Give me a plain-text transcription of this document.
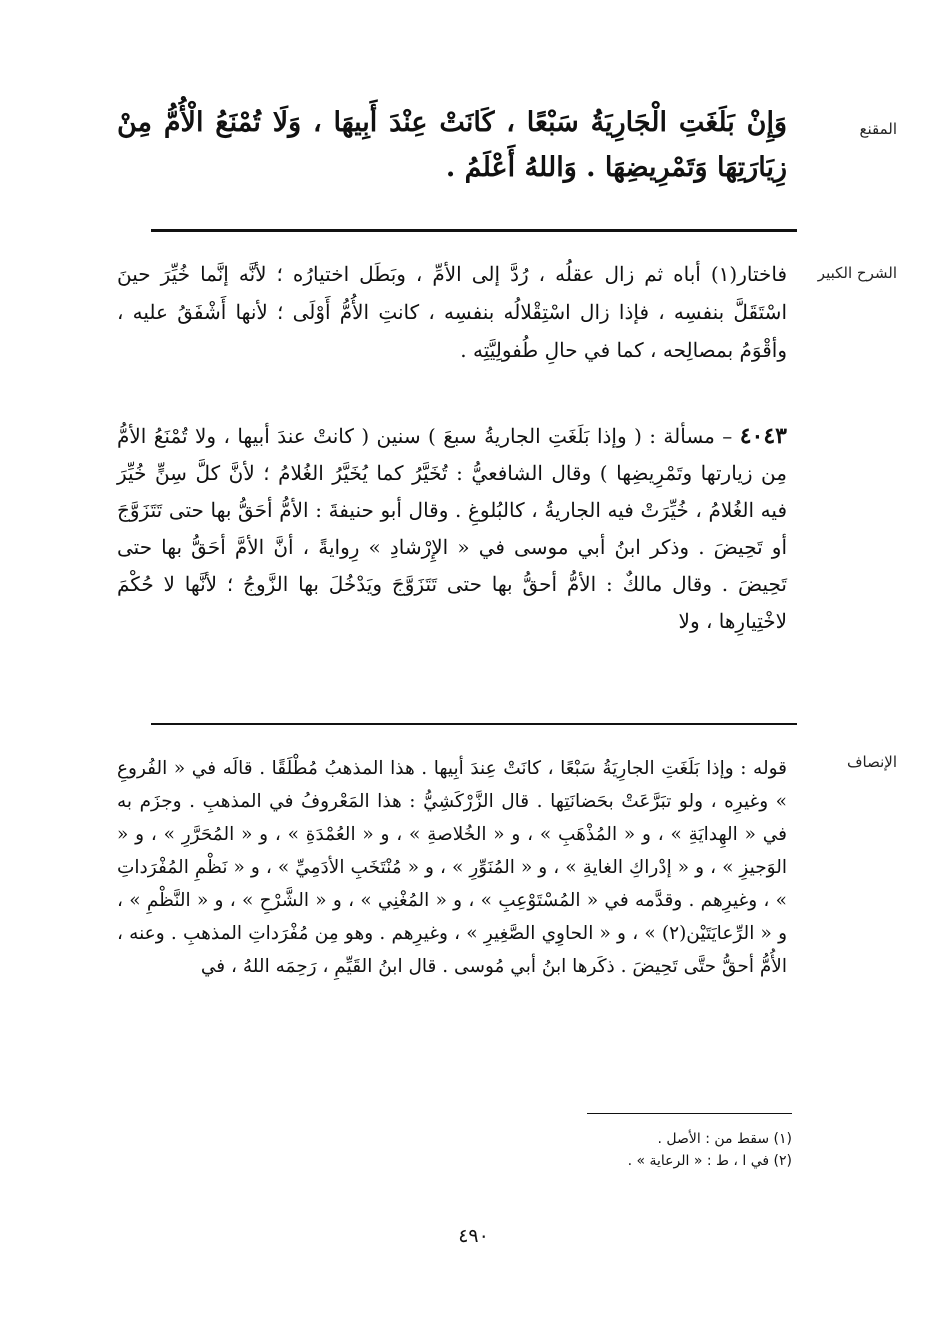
المقنع
وَإِنْ بَلَغَتِ الْجَارِيَةُ سَبْعًا ، كَانَتْ عِنْدَ أَبِيهَا ، وَلَا تُمْنَعُ الْأُمُّ مِنْ زِيَارَتِهَا وَتَمْرِيضِهَا . وَاللهُ أَعْلَمُ .
الشرح الكبير
فاختار(١) أباه ثم زال عقلُه ، رُدَّ إلى الأمِّ ، وبَطَل اختيارُه ؛ لأنَّه إنَّما خُيِّرَ حينَ اسْتَقَلَّ بنفسِه ، فإذا زال اسْتِقْلالُه بنفسِه ، كانتِ الأُمُّ أَوْلَى ؛ لأنها أَشْفَقُ عليه ، وأقْوَمُ بمصالِحه ، كما في حالِ طُفولِيَّتِه .
٤٠٤٣ – مسألة : ( وإذا بَلَغَتِ الجاريةُ سبعَ ) سنين ( كانتْ عندَ أبيها ، ولا تُمْنَعُ الأمُّ مِن زيارتها وتَمْرِيضِها ) وقال الشافعيُّ : تُخَيَّرُ كما يُخَيَّرُ الغُلامُ ؛ لأنَّ كلَّ سِنٍّ خُيِّرَ فيه الغُلامُ ، خُيِّرَتْ فيه الجاريةُ ، كالبُلوغِ . وقال أبو حنيفةَ : الأمُّ أحَقُّ بها حتى تَتَزَوَّجَ أو تَحِيضَ . وذكر ابنُ أبي موسى في « الإِرْشادِ » رِوايةً ، أنَّ الأمَّ أحَقُّ بها حتى تَحِيضَ . وقال مالكٌ : الأمُّ أحقُّ بها حتى تَتَزَوَّجَ ويَدْخُلَ بها الزَّوجُ ؛ لأنَّها لا حُكْمَ لاخْتِيارِها ، ولا
الإنصاف
قوله : وإذا بَلَغَتِ الجارِيَةُ سَبْعًا ، كانَتْ عِندَ أبِيها . هذا المذهبُ مُطْلَقًا . قالَه في « الفُروعِ » وغيرِه ، ولو تبَرَّعَتْ بحَضانَتِها . قال الزَّرْكَشِيُّ : هذا المَعْروفُ في المذهبِ . وجزَم به في « الهِدايَةِ » ، و « المُذْهَبِ » ، و « الخُلاصةِ » ، و « العُمْدَةِ » ، و « المُحَرَّرِ » ، و « الوَجيزِ » ، و « إدْراكِ الغايةِ » ، و « المُنَوِّرِ » ، و « مُنْتَخَبِ الأدَمِيِّ » ، و « نَظْمِ المُفْرَداتِ » ، وغيرِهم . وقدَّمه في « المُسْتَوْعِبِ » ، و « المُغْنِي » ، و « الشَّرْحِ » ، و « النَّظْمِ » ، و « الرِّعايَتَيْن(٢) » ، و « الحاوِي الصَّغِيرِ » ، وغيرِهم . وهو مِن مُفْرَداتِ المذهبِ . وعنه ، الأُمُّ أحقُّ حتَّى تَحِيضَ . ذكَرها ابنُ أبي مُوسى . قال ابنُ القَيِّمِ ، رَحِمَه اللهُ ، في
(١) سقط من : الأصل .
(٢) في ا ، ط : « الرعاية » .
٤٩٠
